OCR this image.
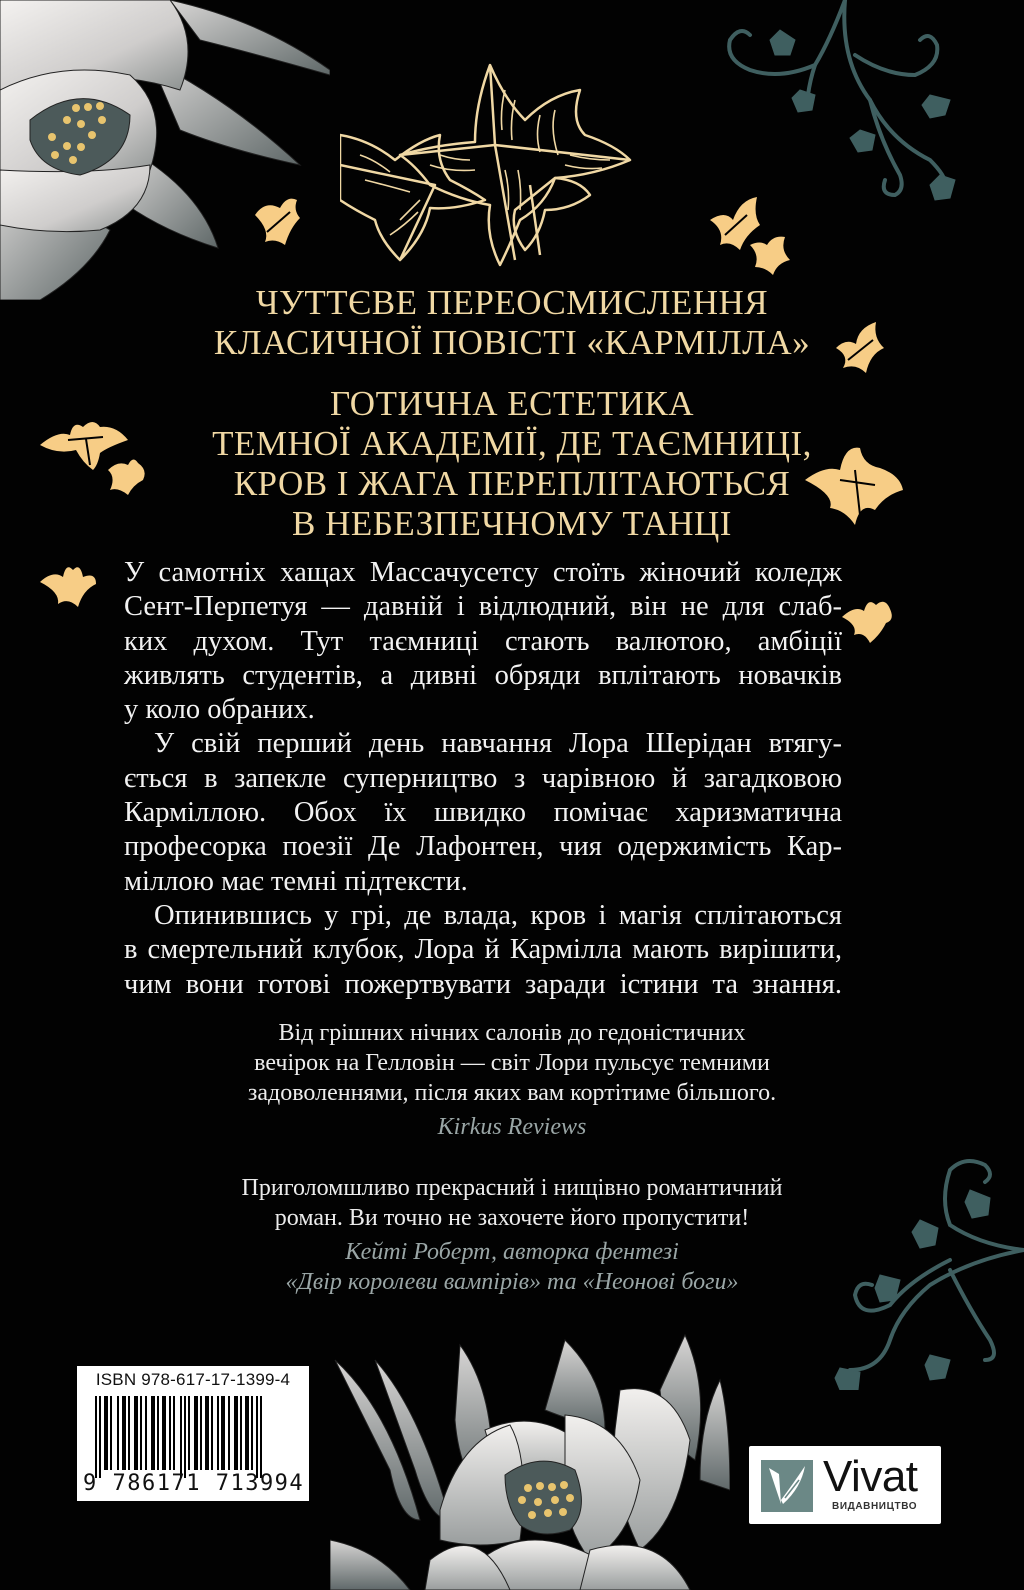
ЧУТТЄВЕ ПЕРЕОСМИСЛЕННЯ
КЛАСИЧНОЇ ПОВІСТІ «КАРМІЛЛА»
ГОТИЧНА ЕСТЕТИКА
ТЕМНОЇ АКАДЕМІЇ, ДЕ ТАЄМНИЦІ,
КРОВ І ЖАГА ПЕРЕПЛІТАЮТЬСЯ
В НЕБЕЗПЕЧНОМУ ТАНЦІ

У самотніх хащах Массачусетсу стоїть жіночий коледж
Сент-Перпетуя — давній і відлюдний, він не для слаб-
ких духом. Тут таємниці стають валютою, амбіції
живлять студентів, а дивні обряди вплітають новачків
у коло обраних.

У свій перший день навчання Лора Шерідан втягу-
ється в запекле суперництво з чарівною й загадковою
Карміллою. Обох їх швидко помічає харизматична
професорка поезії Де Лафонтен, чия одержимість Кар-
міллою має темні підтексти.

Опинившись у грі, де влада, кров і магія сплітаються
в смертельний клубок, Лора й Кармілла мають вирішити,
чим вони готові пожертвувати заради істини та знання.

Від грішних нічних салонів до гедоністичних
вечірок на Гелловін — світ Лори пульсує темними
задоволеннями, після яких вам кортітиме більшого.
Kirkus Reviews
Приголомшливо прекрасний і нищівно романтичний
роман. Ви точно не захочете його пропустити!
Кейті Роберт, авторка фентезі
«Двір королеви вампірів» та «Неонові боги»
ISBN 978-617-17-1399-4
9 786171 713994	Vivat
ВИДАВНИЦТВО
